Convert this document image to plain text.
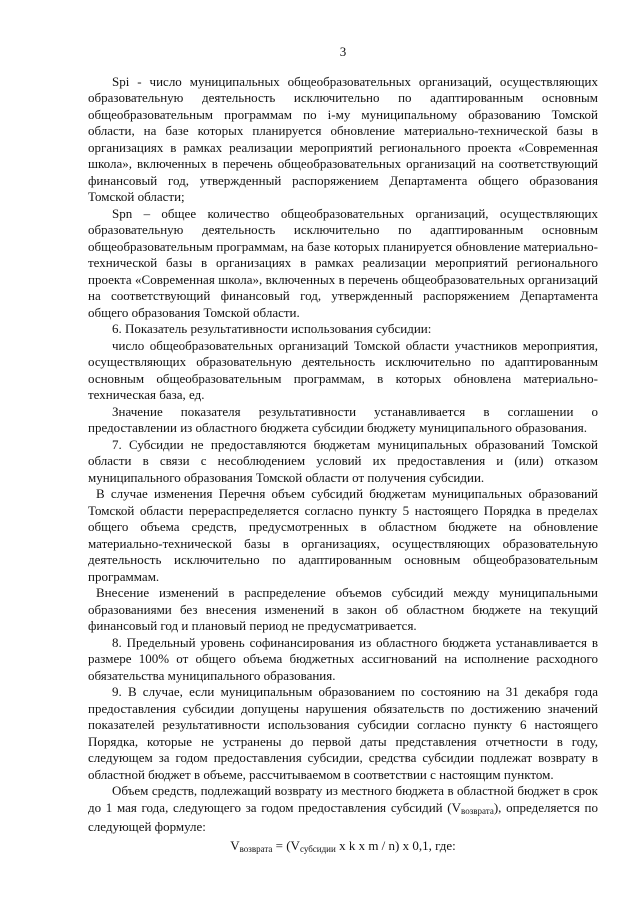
3

Spi - число муниципальных общеобразовательных организаций, осуществляющих образовательную деятельность исключительно по адаптированным основным общеобразовательным программам по i-му муниципальному образованию Томской области, на базе которых планируется обновление материально-технической базы в организациях в рамках реализации мероприятий регионального проекта «Современная школа», включенных в перечень общеобразовательных организаций на соответствующий финансовый год, утвержденный распоряжением Департамента общего образования Томской области;

Spn – общее количество общеобразовательных организаций, осуществляющих образовательную деятельность исключительно по адаптированным основным общеобразовательным программам, на базе которых планируется обновление материально-технической базы в организациях в рамках реализации мероприятий регионального проекта «Современная школа», включенных в перечень общеобразовательных организаций на соответствующий финансовый год, утвержденный распоряжением Департамента общего образования Томской области.

6. Показатель результативности использования субсидии:

число общеобразовательных организаций Томской области участников мероприятия, осуществляющих образовательную деятельность исключительно по адаптированным основным общеобразовательным программам, в которых обновлена материально-техническая база, ед.

Значение показателя результативности устанавливается в соглашении о предоставлении из областного бюджета субсидии бюджету муниципального образования.

7. Субсидии не предоставляются бюджетам муниципальных образований Томской области в связи с несоблюдением условий их предоставления и (или) отказом муниципального образования Томской области от получения субсидии.

В случае изменения Перечня объем субсидий бюджетам муниципальных образований Томской области перераспределяется согласно пункту 5 настоящего Порядка в пределах общего объема средств, предусмотренных в областном бюджете на обновление материально-технической базы в организациях, осуществляющих образовательную деятельность исключительно по адаптированным основным общеобразовательным программам.

Внесение изменений в распределение объемов субсидий между муниципальными образованиями без внесения изменений в закон об областном бюджете на текущий финансовый год и плановый период не предусматривается.

8. Предельный уровень софинансирования из областного бюджета устанавливается в размере 100% от общего объема бюджетных ассигнований на исполнение расходного обязательства муниципального образования.

9. В случае, если муниципальным образованием по состоянию на 31 декабря года предоставления субсидии допущены нарушения обязательств по достижению значений показателей результативности использования субсидии согласно пункту 6 настоящего Порядка, которые не устранены до первой даты представления отчетности в году, следующем за годом предоставления субсидии, средства субсидии подлежат возврату в областной бюджет в объеме, рассчитываемом в соответствии с настоящим пунктом.

Объем средств, подлежащий возврату из местного бюджета в областной бюджет в срок до 1 мая года, следующего за годом предоставления субсидий $(V_{возврата})$, определяется по следующей формуле:

$V_{возврата} = (V_{субсидии}$ x k x m / n) x 0,1, где:
